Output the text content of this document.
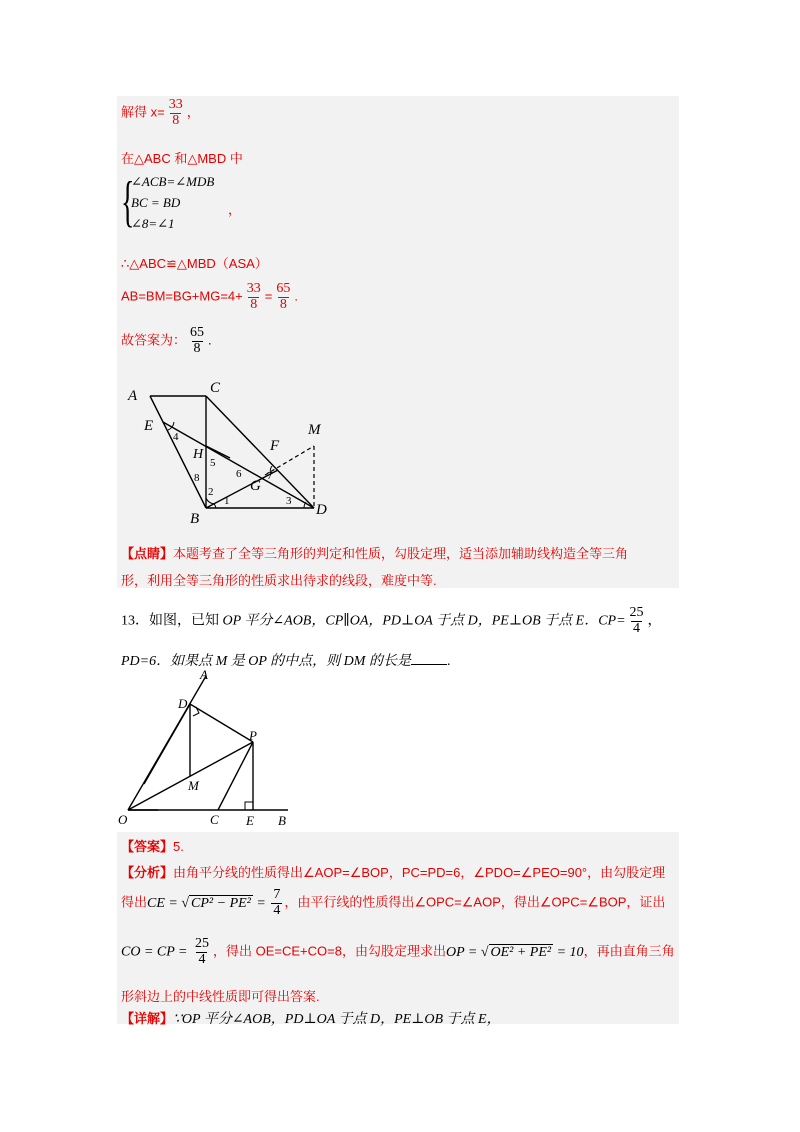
解得 $x= \frac{33}{8}$ ，
在△ABC 和△MBD 中
{
∠ACB=∠MDB
BC = BD
∠8=∠1
，
∴△ABC≌△MBD（ASA）
$AB=BM=BG+MG=4+ \frac{33}{8} = \frac{65}{8}$ .
故答案为： $\frac{65}{8}$ .
A	C
E	M
F
H
G
B
D
4
5
8	6 7
2
1	3
【点睛】本题考查了全等三角形的判定和性质，勾股定理，适当添加辅助线构造全等三角
形，利用全等三角形的性质求出待求的线段，难度中等.
13．如图，已知 OP 平分∠AOB，CP∥OA，PD⊥OA 于点 D，PE⊥OB 于点 E．$CP= \frac{25}{4}$ ，
PD=6．如果点 M 是 OP 的中点，则 DM 的长是	.
A
D
P
M
O	C E B
【答案】5.
【分析】由角平分线的性质得出∠AOP=∠BOP，PC=PD=6，∠PDO=∠PEO=90°，由勾股定理
得出CE = √ $CP^2 - PE^2 = \frac{7}{4}$ ，由平行线的性质得出∠OPC=∠AOP，得出∠OPC=∠BOP，证出
CO = CP = $\frac{25}{4}$ ，得出 OE=CE+CO=8，由勾股定理求出OP = √ OE² + PE² = 10，再由直角三角
形斜边上的中线性质即可得出答案.
【详解】∵OP 平分∠AOB，PD⊥OA 于点 D，PE⊥OB 于点 E，
